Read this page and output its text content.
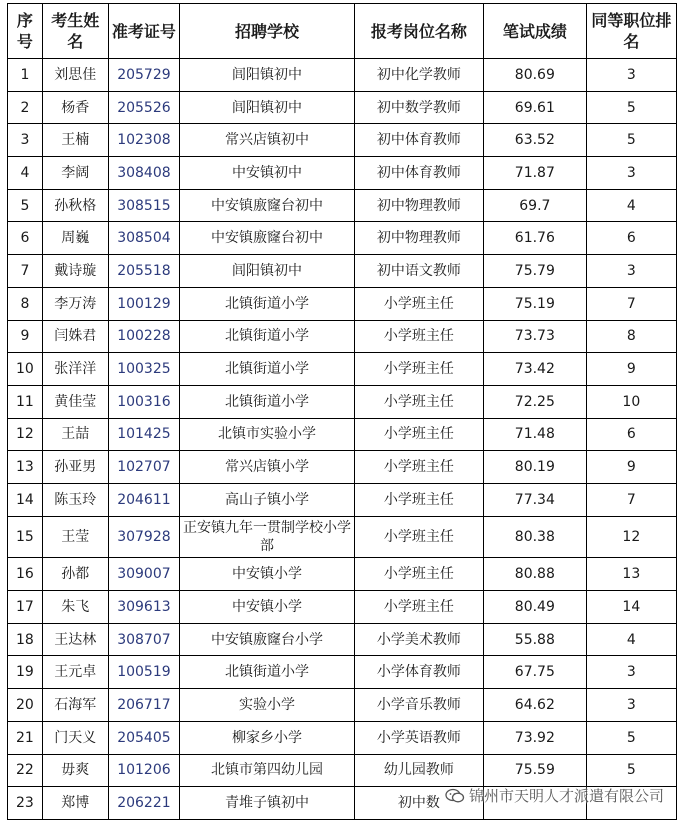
序号	考生姓名	准考证号	招聘学校	报考岗位名称	笔试成绩	同等职位排名
1	刘思佳	205729	闾阳镇初中	初中化学教师	80.69	3
2	杨香	205526	闾阳镇初中	初中数学教师	69.61	5
3	王楠	102308	常兴店镇初中	初中体育教师	63.52	5
4	李阔	308408	中安镇初中	初中体育教师	71.87	3
5	孙秋格	308515	中安镇廒窿台初中	初中物理教师	69.7	4
6	周巍	308504	中安镇廒窿台初中	初中物理教师	61.76	6
7	戴诗璇	205518	闾阳镇初中	初中语文教师	75.79	3
8	李万涛	100129	北镇街道小学	小学班主任	75.19	7
9	闫姝君	100228	北镇街道小学	小学班主任	73.73	8
10	张洋洋	100325	北镇街道小学	小学班主任	73.42	9
11	黄佳莹	100316	北镇街道小学	小学班主任	72.25	10
12	王喆	101425	北镇市实验小学	小学班主任	71.48	6
13	孙亚男	102707	常兴店镇小学	小学班主任	80.19	9
14	陈玉玲	204611	高山子镇小学	小学班主任	77.34	7
15	王莹	307928	正安镇九年一贯制学校小学部	小学班主任	80.38	12
16	孙都	309007	中安镇小学	小学班主任	80.88	13
17	朱飞	309613	中安镇小学	小学班主任	80.49	14
18	王达林	308707	中安镇廒窿台小学	小学美术教师	55.88	4
19	王元卓	100519	北镇街道小学	小学体育教师	67.75	3
20	石海军	206717	实验小学	小学音乐教师	64.62	3
21	门天义	205405	柳家乡小学	小学英语教师	73.92	5
22	毋爽	101206	北镇市第四幼儿园	幼儿园教师	75.59	5
23	郑博	206221	青堆子镇初中	初中数		锦州市天明人才派遣有限公司
